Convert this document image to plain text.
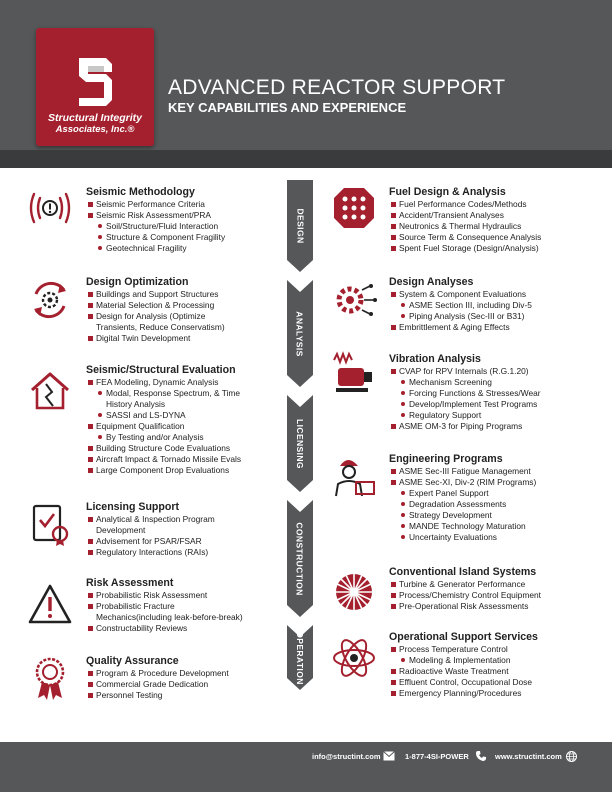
Structural Integrity
Associates, Inc.®
ADVANCED REACTOR SUPPORT
KEY CAPABILITIES AND EXPERIENCE
DESIGN
ANALYSIS
LICENSING
CONSTRUCTION
OPERATION
Seismic Methodology
Seismic Performance Criteria
Seismic Risk Assessment/PRA
Soil/Structure/Fluid Interaction
Structure & Component Fragility
Geotechnical Fragility
Design Optimization
Buildings and Support Structures
Material Selection & Processing
Design for Analysis (Optimize
Transients, Reduce Conservatism)
Digital Twin Development
Seismic/Structural Evaluation
FEA Modeling, Dynamic Analysis
Modal, Response Spectrum, & Time
History Analysis
SASSI and LS-DYNA
Equipment Qualification
By Testing and/or Analysis
Building Structure Code Evaluations
Aircraft Impact & Tornado Missile Evals
Large Component Drop Evaluations
Licensing Support
Analytical & Inspection Program
Development
Advisement for PSAR/FSAR
Regulatory Interactions (RAIs)
Risk Assessment
Probabilistic Risk Assessment
Probabilistic Fracture
Mechanics(including leak-before-break)
Constructability Reviews
Quality Assurance
Program & Procedure Development
Commercial Grade Dedication
Personnel Testing
Fuel Design & Analysis
Fuel Performance Codes/Methods
Accident/Transient Analyses
Neutronics & Thermal Hydraulics
Source Term & Consequence Analysis
Spent Fuel Storage (Design/Analysis)
Design Analyses
System & Component Evaluations
ASME Section III, including Div-5
Piping Analysis (Sec-III or B31)
Embrittlement & Aging Effects
Vibration Analysis
CVAP for RPV Internals (R.G.1.20)
Mechanism Screening
Forcing Functions & Stresses/Wear
Develop/Implement Test Programs
Regulatory Support
ASME OM-3 for Piping Programs
Engineering Programs
ASME Sec-III Fatigue Management
ASME Sec-XI, Div-2 (RIM Programs)
Expert Panel Support
Degradation Assessments
Strategy Development
MANDE Technology Maturation
Uncertainty Evaluations
Conventional Island Systems
Turbine & Generator Performance
Process/Chemistry Control Equipment
Pre-Operational Risk Assessments
Operational Support Services
Process Temperature Control
Modeling & Implementation
Radioactive Waste Treatment
Effluent Control, Occupational Dose
Emergency Planning/Procedures
info@structint.com	1-877-4SI-POWER	www.structint.com
